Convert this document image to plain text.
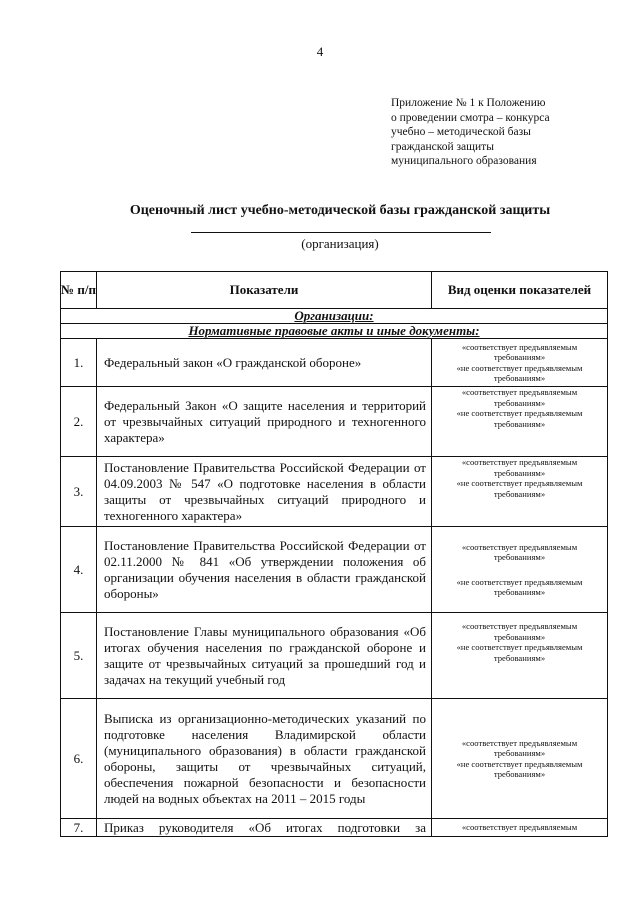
4
Приложение № 1 к Положению
о проведении смотра – конкурса
учебно – методической базы
гражданской защиты
муниципального образования
Оценочный лист учебно-методической базы гражданской защиты
(организация)
№ п/п	Показатели	Вид оценки показателей
Организации:		
Нормативные правовые акты и иные документы:		
1.	Федеральный закон «О гражданской обороне»	«соответствует предъявляемым требованиям»
«не соответствует предъявляемым требованиям»

2.	Федеральный Закон «О защите населения и территорий от чрезвычайных ситуаций природного и техногенного характера»	«соответствует предъявляемым требованиям»
«не соответствует предъявляемым требованиям»

3.	Постановление Правительства Российской Федерации от 04.09.2003 № 547 «О подготовке населения в области защиты от чрезвычайных ситуаций природного и техногенного характера»	«соответствует предъявляемым требованиям»
«не соответствует предъявляемым требованиям»

4.	Постановление Правительства Российской Федерации от 02.11.2000 № 841 «Об утверждении положения об организации обучения населения в области гражданской обороны»	«соответствует предъявляемым требованиям»
«не соответствует предъявляемым требованиям»

5.	Постановление Главы муниципального образования «Об итогах обучения населения по гражданской обороне и защите от чрезвычайных ситуаций за прошедший год и задачах на текущий учебный год	«соответствует предъявляемым требованиям»
«не соответствует предъявляемым требованиям»

6.	Выписка из организационно-методических указаний по подготовке населения Владимирской области (муниципального образования) в области гражданской обороны, защиты от чрезвычайных ситуаций, обеспечения пожарной безопасности и безопасности людей на водных объектах на 2011 – 2015 годы	«соответствует предъявляемым требованиям»
«не соответствует предъявляемым требованиям»

7.	Приказ руководителя «Об итогах подготовки за	«соответствует предъявляемым
